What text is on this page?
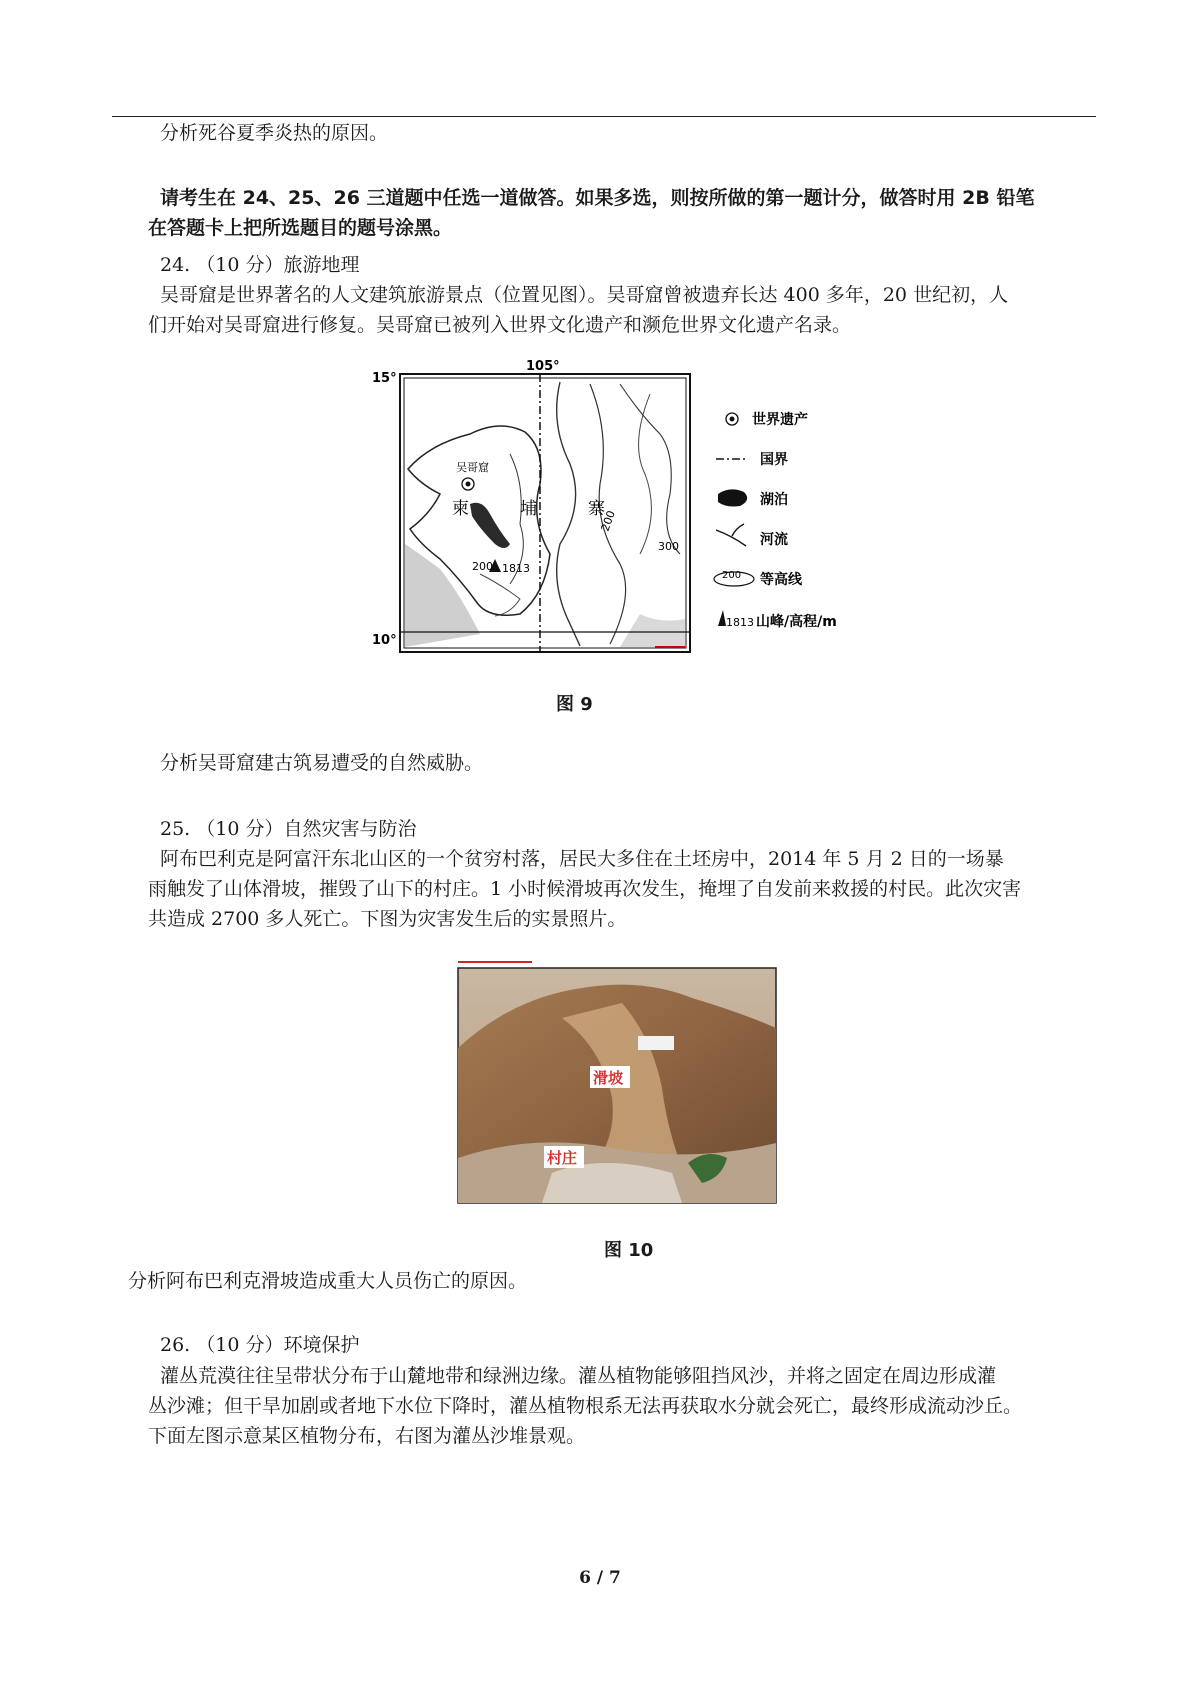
分析死谷夏季炎热的原因。
请考生在 24、25、26 三道题中任选一道做答。如果多选，则按所做的第一题计分，做答时用 2B 铅笔
在答题卡上把所选题目的题号涂黑。
24. （10 分）旅游地理
吴哥窟是世界著名的人文建筑旅游景点（位置见图）。吴哥窟曾被遗弃长达 400 多年，20 世纪初，人
们开始对吴哥窟进行修复。吴哥窟已被列入世界文化遗产和濒危世界文化遗产名录。
吴哥窟
1813
200
200
300
柬	埔	寨
105°
15°
10°
世界遗产
国界
湖泊
河流
200 等高线
1813 山峰/高程/m
图 9
分析吴哥窟建古筑易遭受的自然威胁。
25. （10 分）自然灾害与防治
阿布巴利克是阿富汗东北山区的一个贫穷村落，居民大多住在土坯房中，2014 年 5 月 2 日的一场暴
雨触发了山体滑坡，摧毁了山下的村庄。1 小时候滑坡再次发生，掩埋了自发前来救援的村民。此次灾害
共造成 2700 多人死亡。下图为灾害发生后的实景照片。
滑坡
村庄
图 10
分析阿布巴利克滑坡造成重大人员伤亡的原因。
26. （10 分）环境保护
灌丛荒漠往往呈带状分布于山麓地带和绿洲边缘。灌丛植物能够阻挡风沙，并将之固定在周边形成灌
丛沙滩；但干旱加剧或者地下水位下降时，灌丛植物根系无法再获取水分就会死亡，最终形成流动沙丘。
下面左图示意某区植物分布，右图为灌丛沙堆景观。
6 / 7
